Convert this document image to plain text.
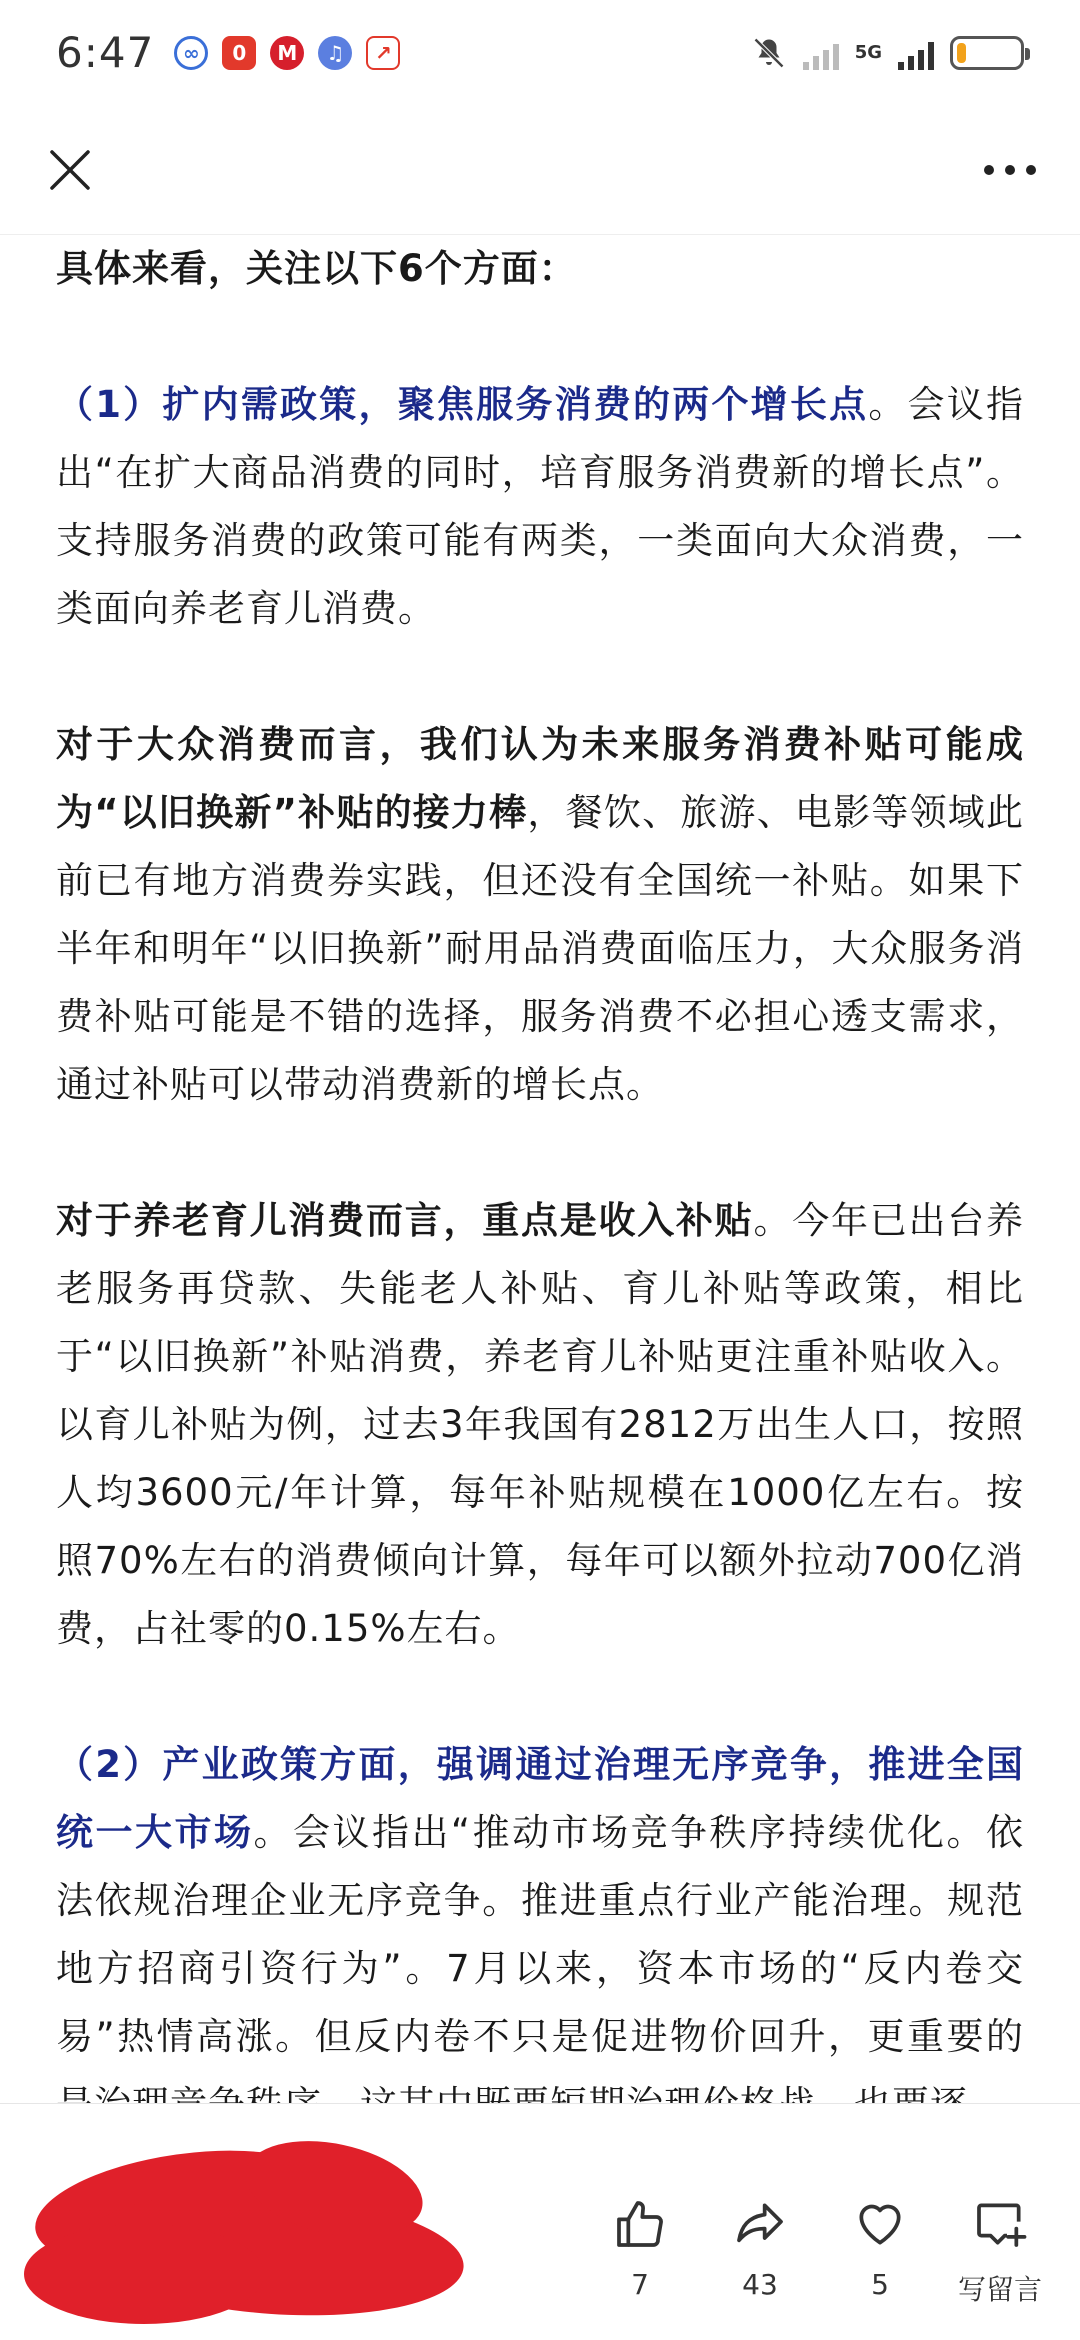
6:47	∞	0	M	♫	↗	5G

具体来看，关注以下6个方面：

（1）扩内需政策，聚焦服务消费的两个增长点。会议指出“在扩大商品消费的同时，培育服务消费新的增长点”。支持服务消费的政策可能有两类，一类面向大众消费，一类面向养老育儿消费。

对于大众消费而言，我们认为未来服务消费补贴可能成为“以旧换新”补贴的接力棒，餐饮、旅游、电影等领域此前已有地方消费券实践，但还没有全国统一补贴。如果下半年和明年“以旧换新”耐用品消费面临压力，大众服务消费补贴可能是不错的选择，服务消费不必担心透支需求，通过补贴可以带动消费新的增长点。

对于养老育儿消费而言，重点是收入补贴。今年已出台养老服务再贷款、失能老人补贴、育儿补贴等政策，相比于“以旧换新”补贴消费，养老育儿补贴更注重补贴收入。以育儿补贴为例，过去3年我国有2812万出生人口，按照人均3600元/年计算，每年补贴规模在1000亿左右。按照70%左右的消费倾向计算，每年可以额外拉动700亿消费，占社零的0.15%左右。

（2）产业政策方面，强调通过治理无序竞争，推进全国统一大市场。会议指出“推动市场竞争秩序持续优化。依法依规治理企业无序竞争。推进重点行业产能治理。规范地方招商引资行为”。7月以来，资本市场的“反内卷交易”热情高涨。但反内卷不只是促进物价回升，更重要的

7	43	5 写留言
